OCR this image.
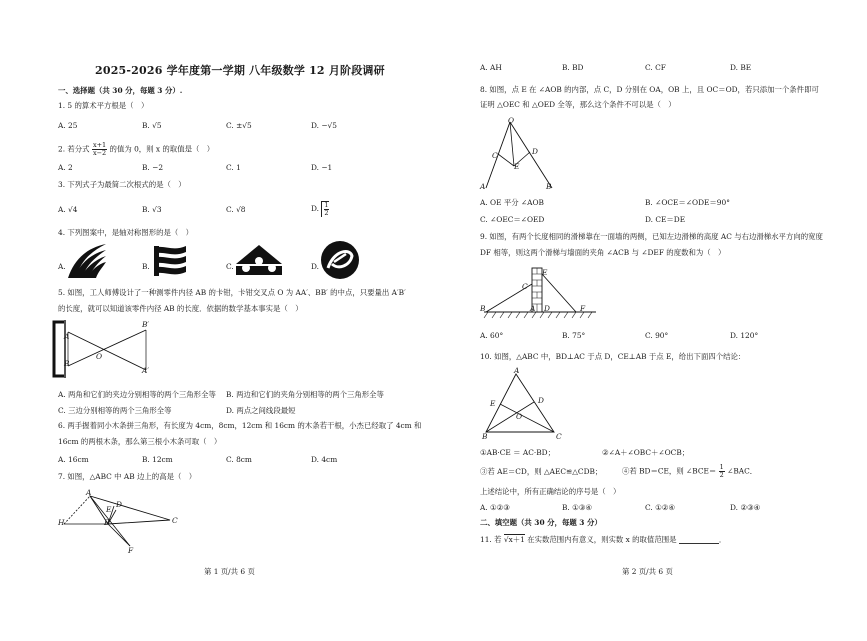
2025-2026 学年度第一学期 八年级数学 12 月阶段调研
一、选择题（共 30 分，每题 3 分）.
1. 5 的算术平方根是（　）
A. 25	B. √5	C. ±√5	D. −√5
2. 若分式 $\frac{x+1}{x-2}$ 的值为 0，则 x 的取值是（　）
A. 2	B. −2	C. 1	D. −1
3. 下列式子为最简二次根式的是（　）
A. √4	B. √3	C. √8	D. $\frac{1}{2}$
4. 下列图案中，是轴对称图形的是（　）
A.	B.	C.	D.
5. 如图，工人师傅设计了一种测零件内径 AB 的卡钳，卡钳交叉点 O 为 AA′、BB′ 的中点，只要量出 A′B′
的长度，就可以知道该零件内径 AB 的长度．依据的数学基本事实是（　）
A
B
O
B′
A′
A. 两角和它们的夹边分别相等的两个三角形全等 B. 两边和它们的夹角分别相等的两个三角形全等
C. 三边分别相等的两个三角形全等	D. 两点之间线段最短
6. 两手握着同小木条拼三角形，有长度为 4cm，8cm，12cm 和 16cm 的木条若干根，小杰已经取了 4cm 和
16cm 的两根木条，那么第三根小木条可取（　）
A. 16cm	B. 12cm	C. 8cm	D. 4cm
7. 如图，△ABC 中 AB 边上的高是（　）
A
B	C
D
E
F
H
第 1 页/共 6 页
A. AH	B. BD	C. CF	D. BE
8. 如图，点 E 在 ∠AOB 的内部，点 C，D 分别在 OA，OB 上，且 OC＝OD，若只添加一个条件即可
证明 △OEC 和 △OED 全等，那么这个条件不可以是（　）
O
C	D
E
A	B
A. OE 平分 ∠AOB	B. ∠OCE＝∠ODE＝90°
C. ∠OEC＝∠OED	D. CE＝DE
9. 如图，有两个长度相同的滑梯靠在一面墙的两侧，已知左边滑梯的高度 AC 与右边滑梯水平方向的宽度
DF 相等，则这两个滑梯与墙面的夹角 ∠ACB 与 ∠DEF 的度数和为（　）
C
E
B	A D	F
A. 60°	B. 75°	C. 90°	D. 120°
10. 如图，△ABC 中，BD⊥AC 于点 D，CE⊥AB 于点 E，给出下面四个结论：
A
E	D
O
B	C
①AB·CE ＝ AC·BD；	②∠A＋∠OBC＋∠OCB；
③若 AE＝CD，则 △AEC≌△CDB；	④若 BD＝CE，则 ∠BCE＝ $\frac{1}{2}$ ∠BAC．
上述结论中，所有正确结论的序号是（　）
A. ①②③	B. ①③④	C. ①②④	D. ②③④
二、填空题（共 30 分，每题 3 分）
11. 若 √x＋1 在实数范围内有意义，则实数 x 的取值范围是	．
第 2 页/共 6 页
